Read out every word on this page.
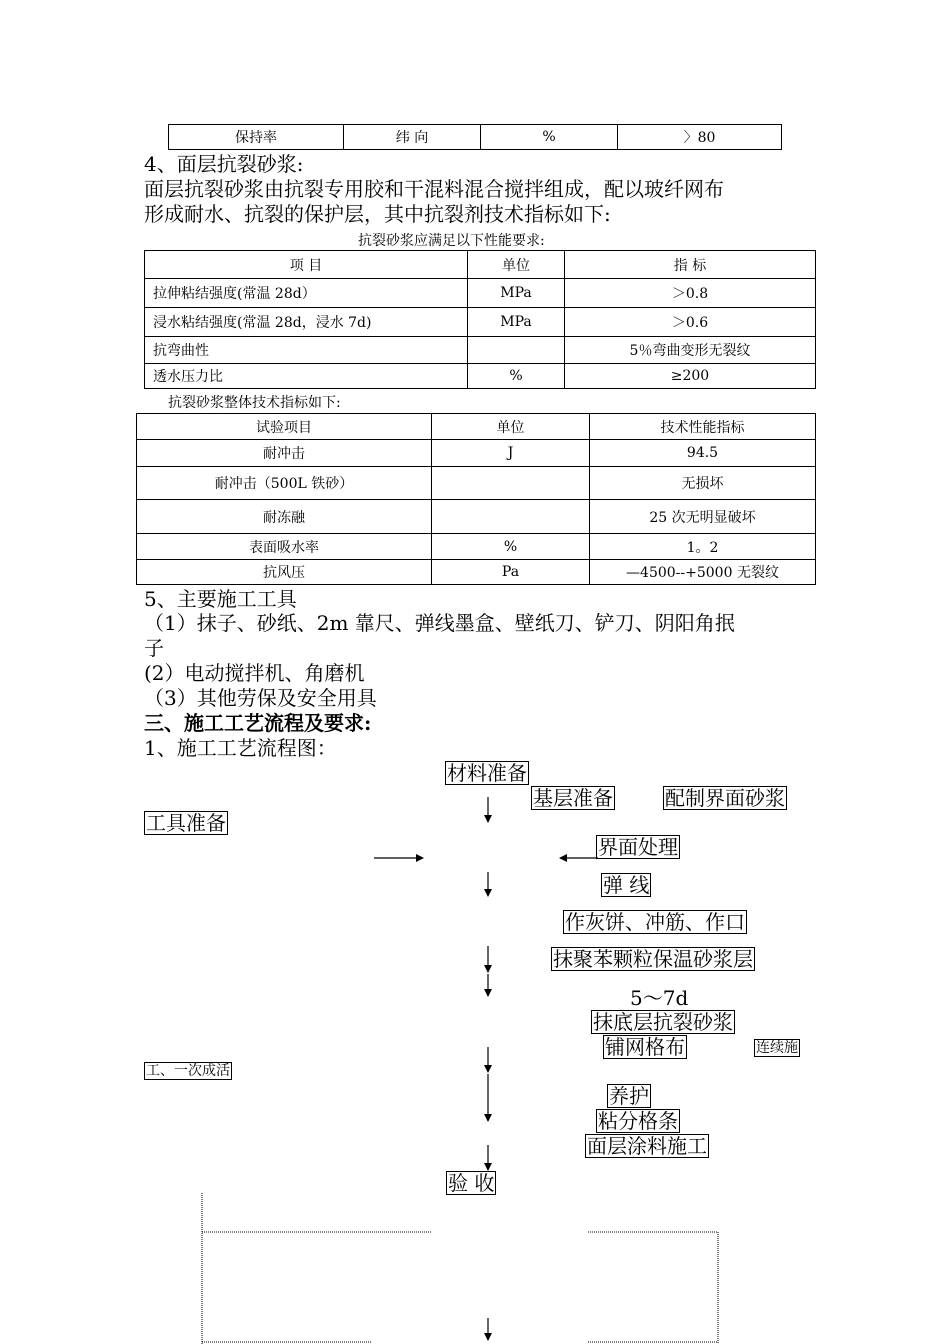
保持率	纬 向	%	〉80
4、面层抗裂砂浆:
面层抗裂砂浆由抗裂专用胶和干混料混合搅拌组成，配以玻纤网布
形成耐水、抗裂的保护层，其中抗裂剂技术指标如下:
抗裂砂浆应满足以下性能要求:
项 目	单位	指 标
拉伸粘结强度(常温 28d）	MPa	＞0.8
浸水粘结强度(常温 28d，浸水 7d)	MPa	＞0.6
抗弯曲性		5％弯曲变形无裂纹
透水压力比	%	≥200
抗裂砂浆整体技术指标如下:
试验项目	单位	技术性能指标
耐冲击	J	94.5
耐冲击（500L 铁砂）		无损坏
耐冻融		25 次无明显破坏
表面吸水率	%	1。2
抗风压	Pa	—4500--+5000 无裂纹
5、主要施工工具
（1）抹子、砂纸、2m 靠尺、弹线墨盒、壁纸刀、铲刀、阴阳角抿
子
(2）电动搅拌机、角磨机
（3）其他劳保及安全用具
三、施工工艺流程及要求:
1、施工工艺流程图：
材料准备
基层准备	配制界面砂浆
工具准备
界面处理
弹 线
作灰饼、冲筋、作口
抹聚苯颗粒保温砂浆层
5～7d
抹底层抗裂砂浆
铺网格布	连续施
工、一次成活
养护
粘分格条
面层涂料施工
验 收
